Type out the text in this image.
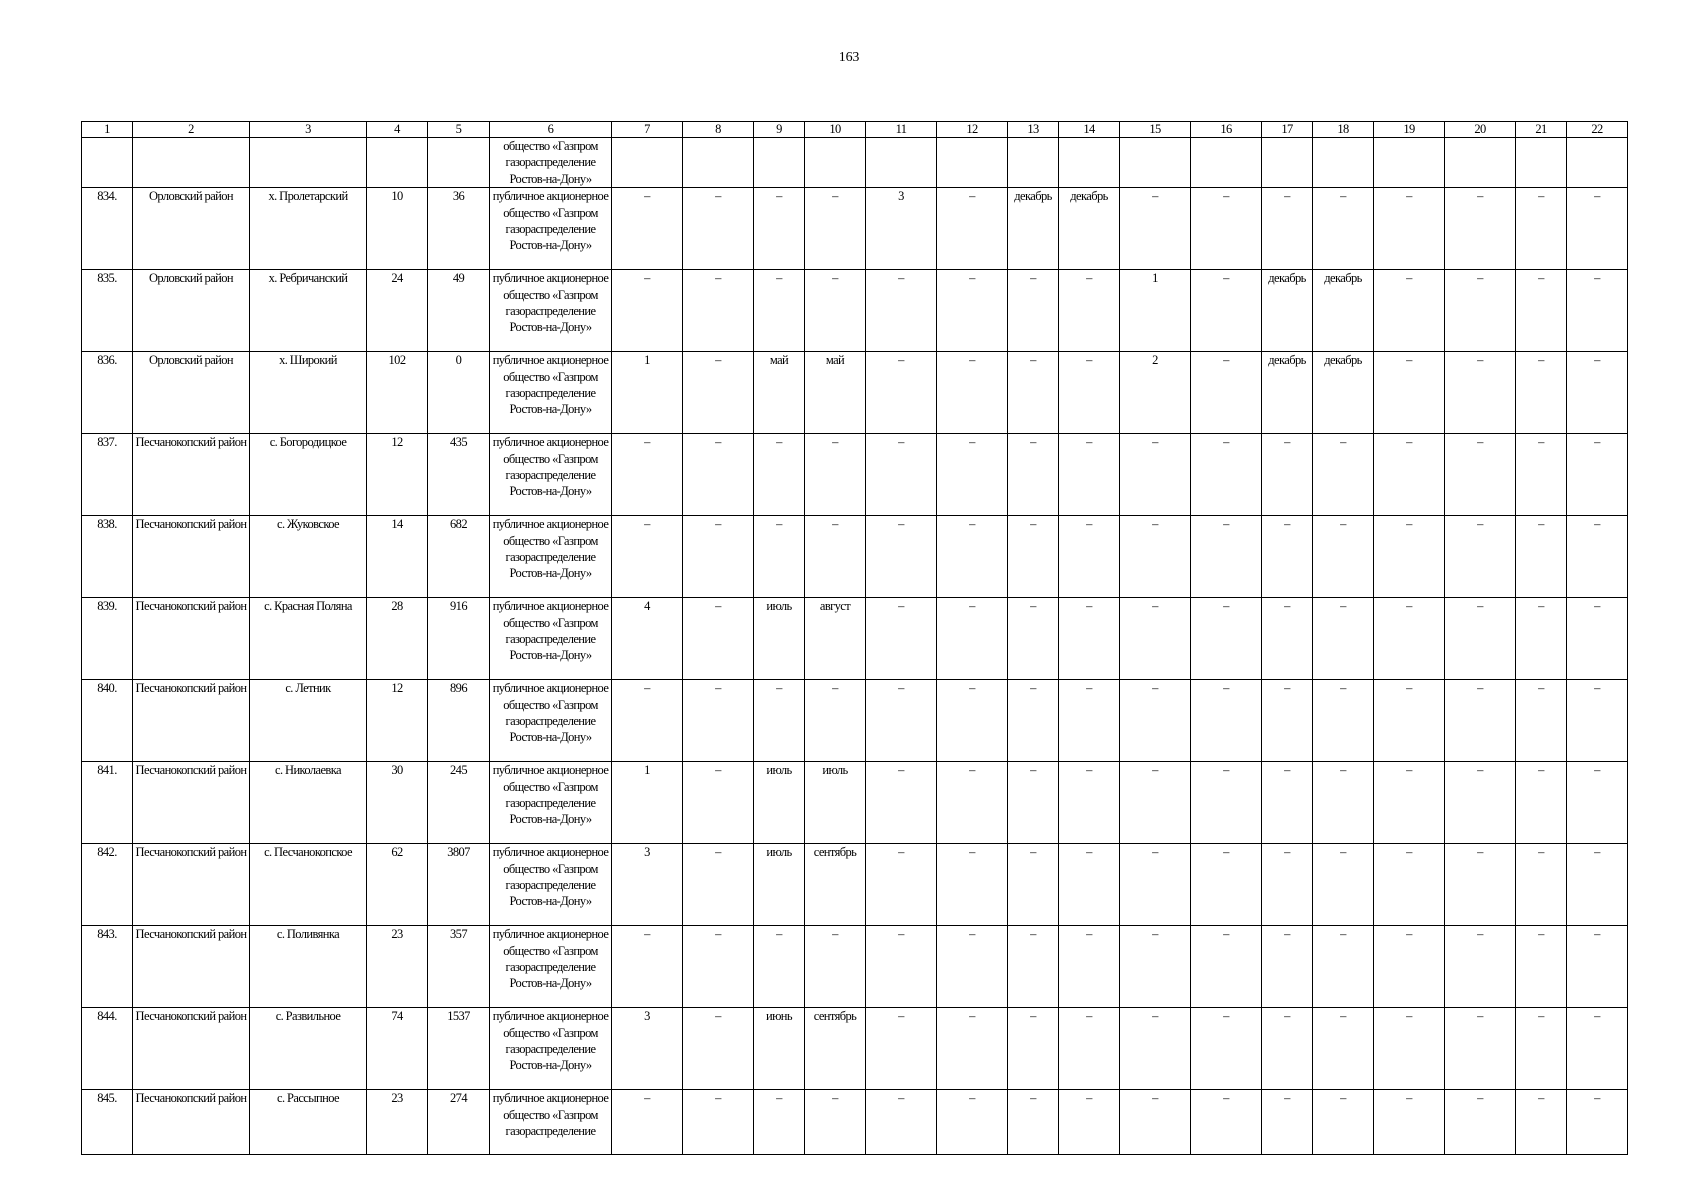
163
1	2	3	4	5	6	7	8	9	10	11	12	13	14	15	16	17	18	19	20	21	22
					общество «Газпром газораспределение Ростов-на-Дону»																
834.	Орловский район	х. Пролетарский	10	36	публичное акционерное общество «Газпром газораспределение Ростов-на-Дону»	–	–	–	–	3	–	декабрь	декабрь	–	–	–	–	–	–	–	–
835.	Орловский район	х. Ребричанский	24	49	публичное акционерное общество «Газпром газораспределение Ростов-на-Дону»	–	–	–	–	–	–	–	–	1	–	декабрь	декабрь	–	–	–	–
836.	Орловский район	х. Широкий	102	0	публичное акционерное общество «Газпром газораспределение Ростов-на-Дону»	1	–	май	май	–	–	–	–	2	–	декабрь	декабрь	–	–	–	–
837.	Песчанокопский район	с. Богородицкое	12	435	публичное акционерное общество «Газпром газораспределение Ростов-на-Дону»	–	–	–	–	–	–	–	–	–	–	–	–	–	–	–	–
838.	Песчанокопский район	с. Жуковское	14	682	публичное акционерное общество «Газпром газораспределение Ростов-на-Дону»	–	–	–	–	–	–	–	–	–	–	–	–	–	–	–	–
839.	Песчанокопский район	с. Красная Поляна	28	916	публичное акционерное общество «Газпром газораспределение Ростов-на-Дону»	4	–	июль	август	–	–	–	–	–	–	–	–	–	–	–	–
840.	Песчанокопский район	с. Летник	12	896	публичное акционерное общество «Газпром газораспределение Ростов-на-Дону»	–	–	–	–	–	–	–	–	–	–	–	–	–	–	–	–
841.	Песчанокопский район	с. Николаевка	30	245	публичное акционерное общество «Газпром газораспределение Ростов-на-Дону»	1	–	июль	июль	–	–	–	–	–	–	–	–	–	–	–	–
842.	Песчанокопский район	с. Песчанокопское	62	3807	публичное акционерное общество «Газпром газораспределение Ростов-на-Дону»	3	–	июль	сентябрь	–	–	–	–	–	–	–	–	–	–	–	–
843.	Песчанокопский район	с. Поливянка	23	357	публичное акционерное общество «Газпром газораспределение Ростов-на-Дону»	–	–	–	–	–	–	–	–	–	–	–	–	–	–	–	–
844.	Песчанокопский район	с. Развильное	74	1537	публичное акционерное общество «Газпром газораспределение Ростов-на-Дону»	3	–	июнь	сентябрь	–	–	–	–	–	–	–	–	–	–	–	–
845.	Песчанокопский район	с. Рассыпное	23	274	публичное акционерное общество «Газпром газораспределение	–	–	–	–	–	–	–	–	–	–	–	–	–	–	–	–
